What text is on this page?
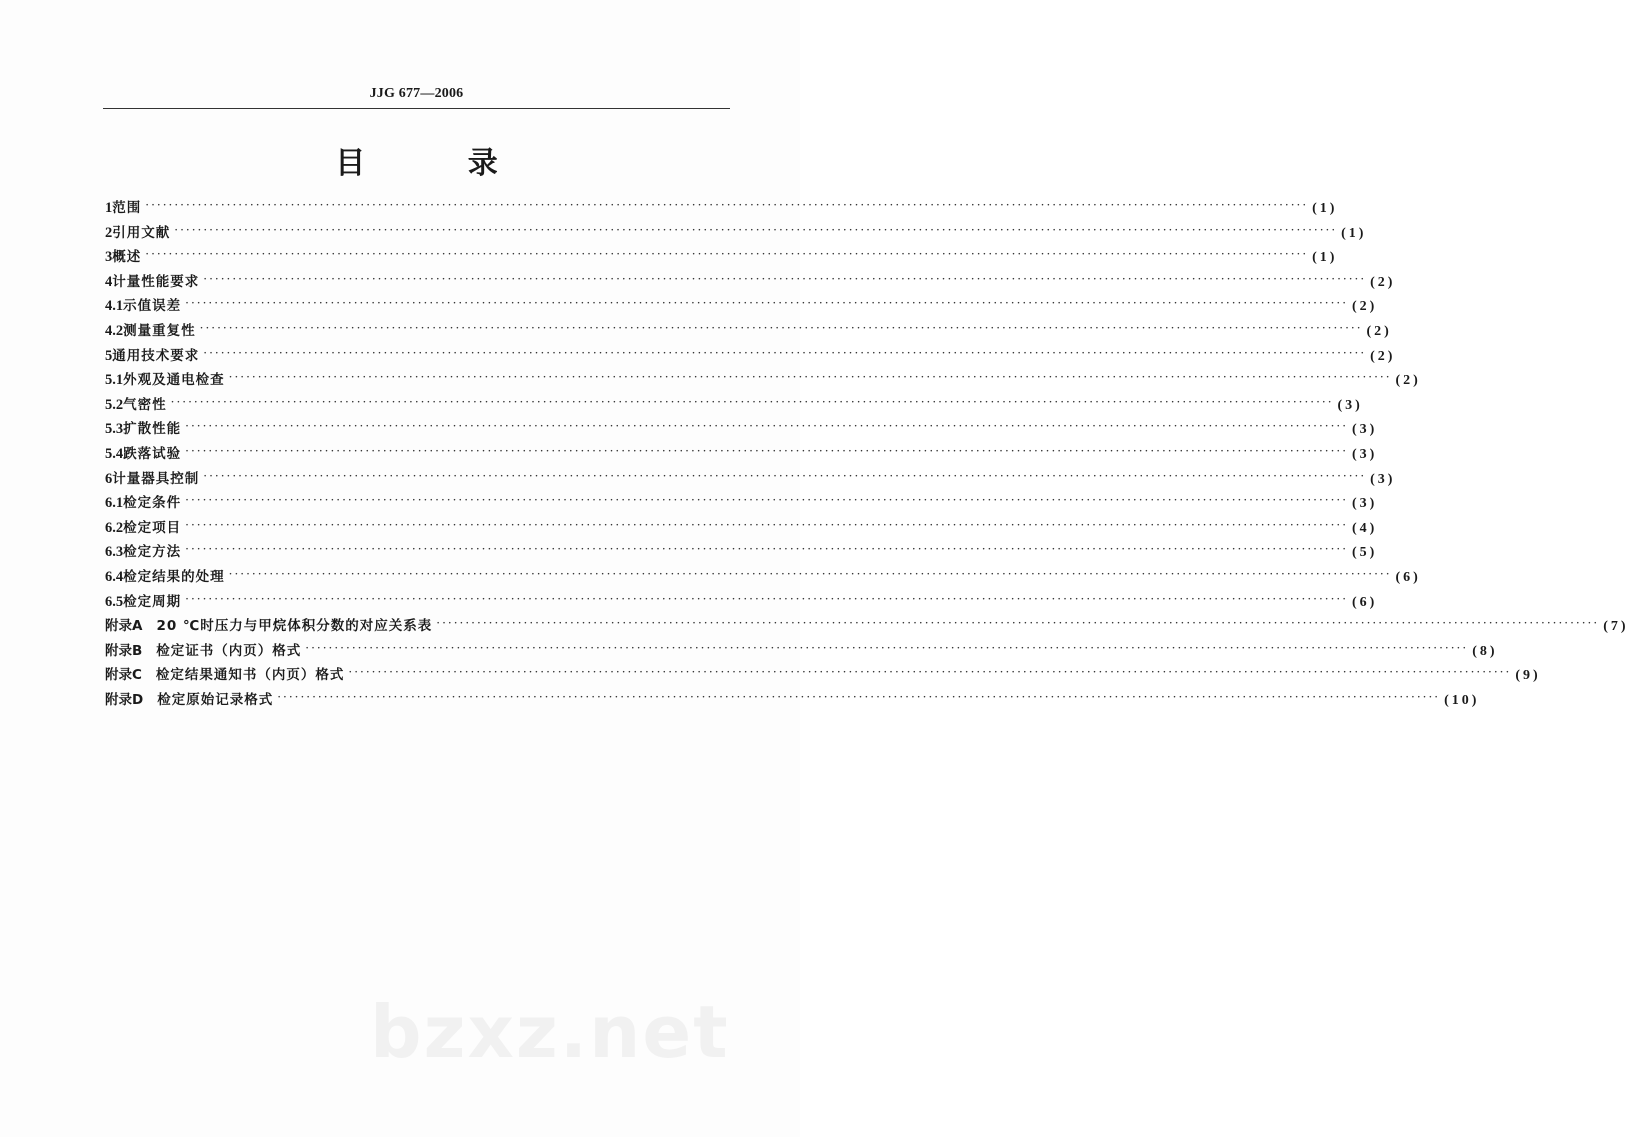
JJG 677—2006
目 录
1 范围 ········································································································································································································ (1)
2 引用文献 ········································································································································································································ (1)
3 概述 ········································································································································································································ (1)
4 计量性能要求 ········································································································································································································ (2)
4.1 示值误差 ········································································································································································································ (2)
4.2 测量重复性 ········································································································································································································ (2)
5 通用技术要求 ········································································································································································································ (2)
5.1 外观及通电检查 ········································································································································································································ (2)
5.2 气密性 ········································································································································································································ (3)
5.3 扩散性能 ········································································································································································································ (3)
5.4 跌落试验 ········································································································································································································ (3)
6 计量器具控制 ········································································································································································································ (3)
6.1 检定条件 ········································································································································································································ (3)
6.2 检定项目 ········································································································································································································ (4)
6.3 检定方法 ········································································································································································································ (5)
6.4 检定结果的处理 ········································································································································································································ (6)
6.5 检定周期 ········································································································································································································ (6)
附录A	20 ℃时压力与甲烷体积分数的对应关系表 ········································································································································································································ (7)
附录B	检定证书（内页）格式 ········································································································································································································ (8)
附录C	检定结果通知书（内页）格式 ········································································································································································································ (9)
附录D	检定原始记录格式 ········································································································································································································ (10)
bzxz.net
